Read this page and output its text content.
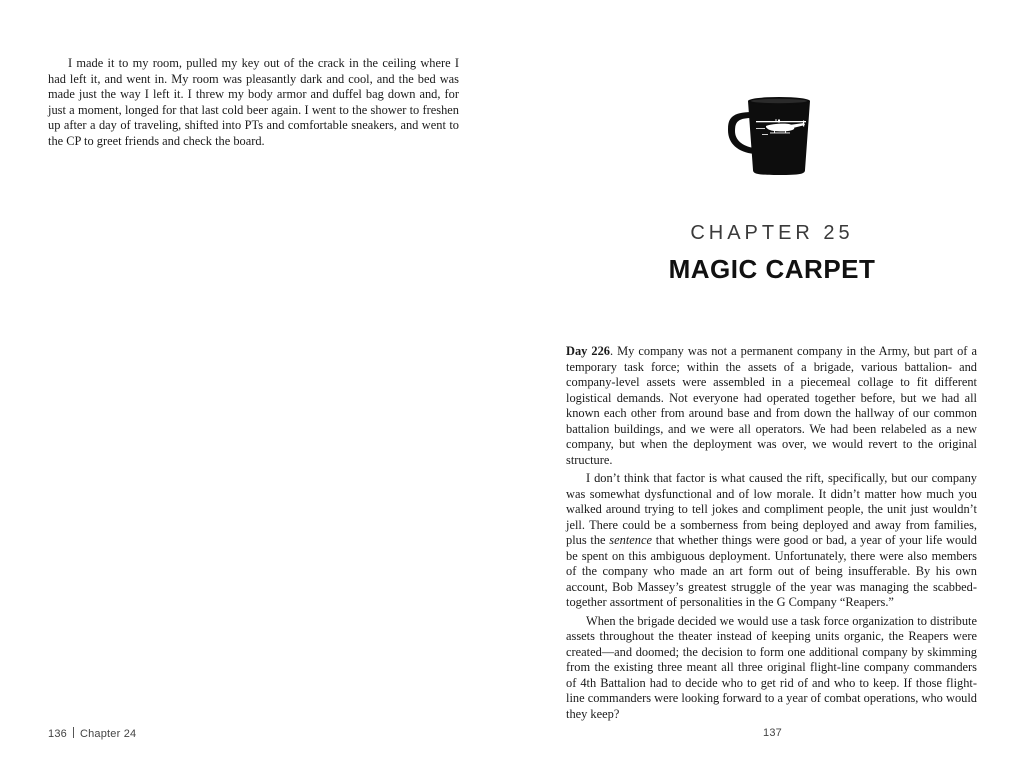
I made it to my room, pulled my key out of the crack in the ceiling where I had left it, and went in. My room was pleasantly dark and cool, and the bed was made just the way I left it. I threw my body armor and duffel bag down and, for just a moment, longed for that last cold beer again. I went to the shower to freshen up after a day of traveling, shifted into PTs and comfortable sneakers, and went to the CP to greet friends and check the board.

136 Chapter 24
CHAPTER 25
MAGIC CARPET

Day 226. My company was not a permanent company in the Army, but part of a temporary task force; within the assets of a brigade, various battalion- and company-level assets were assembled in a piecemeal collage to fit different logistical demands. Not everyone had operated together before, but we had all known each other from around base and from down the hallway of our common battalion buildings, and we were all operators. We had been relabeled as a new company, but when the deployment was over, we would revert to the original structure.

I don’t think that factor is what caused the rift, specifically, but our company was somewhat dysfunctional and of low morale. It didn’t matter how much you walked around trying to tell jokes and compliment people, the unit just wouldn’t jell. There could be a somberness from being deployed and away from families, plus the sentence that whether things were good or bad, a year of your life would be spent on this ambiguous deployment. Unfortunately, there were also members of the company who made an art form out of being insufferable. By his own account, Bob Massey’s greatest struggle of the year was managing the scabbed-together assortment of personalities in the G Company “Reapers.”

When the brigade decided we would use a task force organization to distribute assets throughout the theater instead of keeping units organic, the Reapers were created—and doomed; the decision to form one additional company by skimming from the existing three meant all three original flight-line company commanders of 4th Battalion had to decide who to get rid of and who to keep. If those flight-line commanders were looking forward to a year of combat operations, who would they keep?

137
